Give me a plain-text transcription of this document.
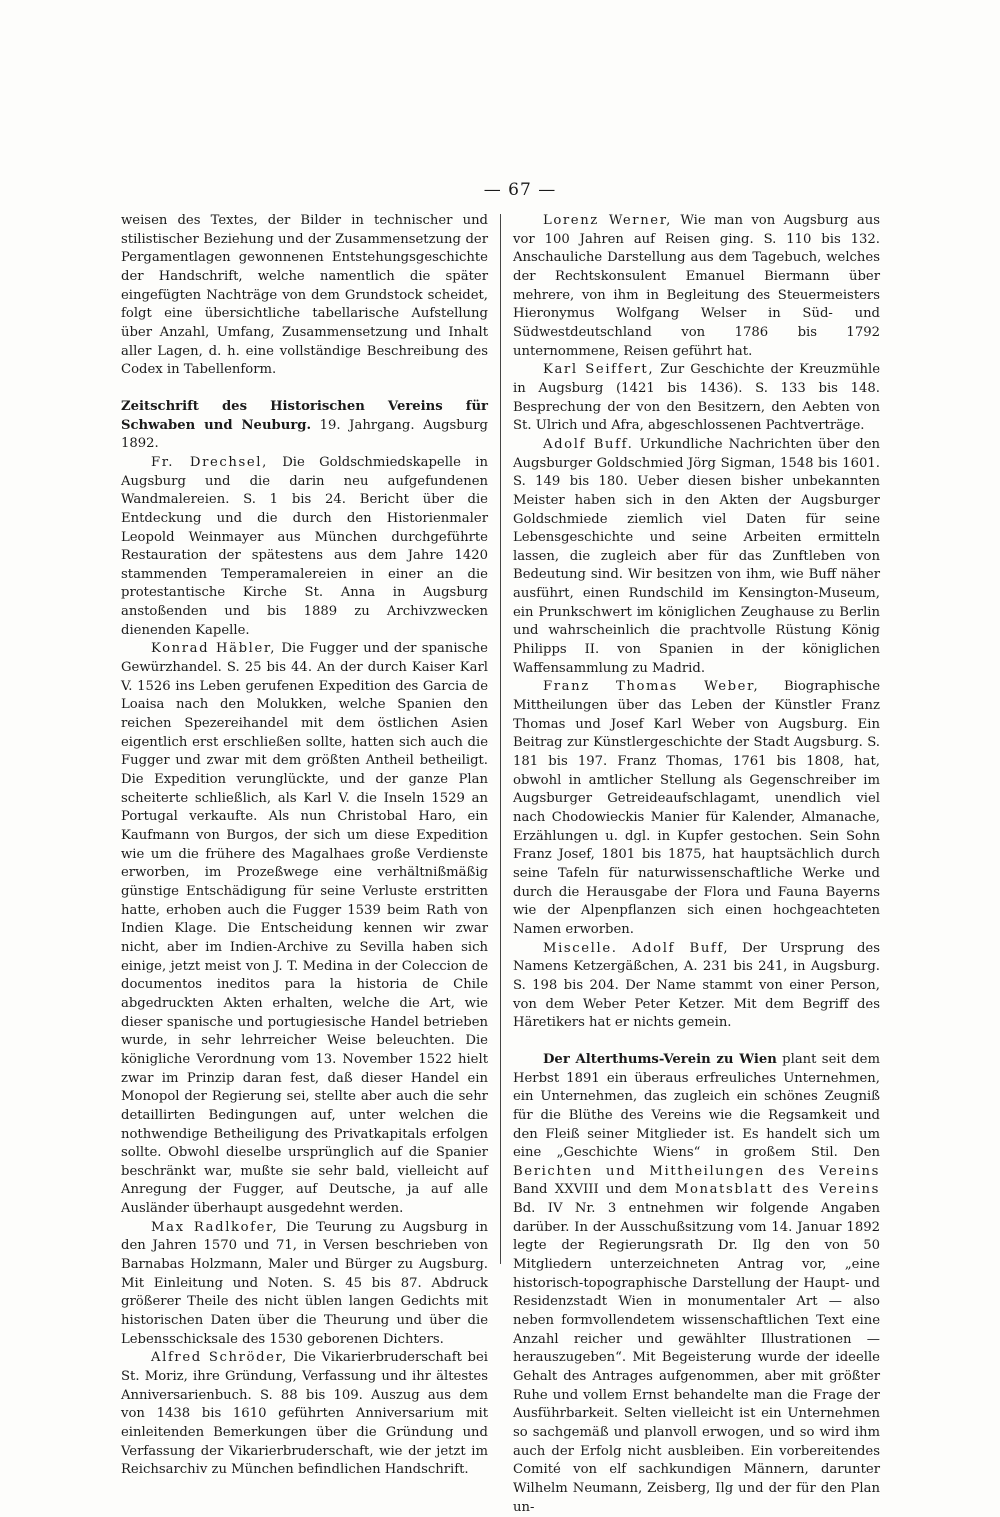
— 67 —

weisen des Textes, der Bilder in technischer und stilistischer Beziehung und der Zusammensetzung der Pergamentlagen gewonnenen Entstehungsgeschichte der Handschrift, welche namentlich die später eingefügten Nachträge von dem Grundstock scheidet, folgt eine übersichtliche tabellarische Aufstellung über Anzahl, Umfang, Zusammensetzung und Inhalt aller Lagen, d. h. eine vollständige Beschreibung des Codex in Tabellenform.

Zeitschrift des Historischen Vereins für Schwaben und Neuburg. 19. Jahrgang. Augsburg 1892.

Fr. Drechsel, Die Goldschmiedskapelle in Augsburg und die darin neu aufgefundenen Wandmalereien. S. 1 bis 24. Bericht über die Entdeckung und die durch den Historienmaler Leopold Weinmayer aus München durchgeführte Restauration der spätestens aus dem Jahre 1420 stammenden Temperamalereien in einer an die protestantische Kirche St. Anna in Augsburg anstoßenden und bis 1889 zu Archivzwecken dienenden Kapelle.

Konrad Häbler, Die Fugger und der spanische Gewürzhandel. S. 25 bis 44. An der durch Kaiser Karl V. 1526 ins Leben gerufenen Expedition des Garcia de Loaisa nach den Molukken, welche Spanien den reichen Spezereihandel mit dem östlichen Asien eigentlich erst erschließen sollte, hatten sich auch die Fugger und zwar mit dem größten Antheil betheiligt. Die Expedition verunglückte, und der ganze Plan scheiterte schließlich, als Karl V. die Inseln 1529 an Portugal verkaufte. Als nun Christobal Haro, ein Kaufmann von Burgos, der sich um diese Expedition wie um die frühere des Magalhaes große Verdienste erworben, im Prozeßwege eine verhältnißmäßig günstige Entschädigung für seine Verluste erstritten hatte, erhoben auch die Fugger 1539 beim Rath von Indien Klage. Die Entscheidung kennen wir zwar nicht, aber im Indien-Archive zu Sevilla haben sich einige, jetzt meist von J. T. Medina in der Coleccion de documentos ineditos para la historia de Chile abgedruckten Akten erhalten, welche die Art, wie dieser spanische und portugiesische Handel betrieben wurde, in sehr lehrreicher Weise beleuchten. Die königliche Verordnung vom 13. November 1522 hielt zwar im Prinzip daran fest, daß dieser Handel ein Monopol der Regierung sei, stellte aber auch die sehr detaillirten Bedingungen auf, unter welchen die nothwendige Betheiligung des Privatkapitals erfolgen sollte. Obwohl dieselbe ursprünglich auf die Spanier beschränkt war, mußte sie sehr bald, vielleicht auf Anregung der Fugger, auf Deutsche, ja auf alle Ausländer überhaupt ausgedehnt werden.

Max Radlkofer, Die Teurung zu Augsburg in den Jahren 1570 und 71, in Versen beschrieben von Barnabas Holzmann, Maler und Bürger zu Augsburg. Mit Einleitung und Noten. S. 45 bis 87. Abdruck größerer Theile des nicht üblen langen Gedichts mit historischen Daten über die Theurung und über die Lebensschicksale des 1530 geborenen Dichters.

Alfred Schröder, Die Vikarierbruderschaft bei St. Moriz, ihre Gründung, Verfassung und ihr ältestes Anniversarienbuch. S. 88 bis 109. Auszug aus dem von 1438 bis 1610 geführten Anniversarium mit einleitenden Bemerkungen über die Gründung und Verfassung der Vikarierbruderschaft, wie der jetzt im Reichsarchiv zu München befindlichen Handschrift.

Lorenz Werner, Wie man von Augsburg aus vor 100 Jahren auf Reisen ging. S. 110 bis 132. Anschauliche Darstellung aus dem Tagebuch, welches der Rechtskonsulent Emanuel Biermann über mehrere, von ihm in Begleitung des Steuermeisters Hieronymus Wolfgang Welser in Süd- und Südwestdeutschland von 1786 bis 1792 unternommene, Reisen geführt hat.

Karl Seiffert, Zur Geschichte der Kreuzmühle in Augsburg (1421 bis 1436). S. 133 bis 148. Besprechung der von den Besitzern, den Aebten von St. Ulrich und Afra, abgeschlossenen Pachtverträge.

Adolf Buff. Urkundliche Nachrichten über den Augsburger Goldschmied Jörg Sigman, 1548 bis 1601. S. 149 bis 180. Ueber diesen bisher unbekannten Meister haben sich in den Akten der Augsburger Goldschmiede ziemlich viel Daten für seine Lebensgeschichte und seine Arbeiten ermitteln lassen, die zugleich aber für das Zunftleben von Bedeutung sind. Wir besitzen von ihm, wie Buff näher ausführt, einen Rundschild im Kensington-Museum, ein Prunkschwert im königlichen Zeughause zu Berlin und wahrscheinlich die prachtvolle Rüstung König Philipps II. von Spanien in der königlichen Waffensammlung zu Madrid.

Franz Thomas Weber, Biographische Mittheilungen über das Leben der Künstler Franz Thomas und Josef Karl Weber von Augsburg. Ein Beitrag zur Künstlergeschichte der Stadt Augsburg. S. 181 bis 197. Franz Thomas, 1761 bis 1808, hat, obwohl in amtlicher Stellung als Gegenschreiber im Augsburger Getreideaufschlagamt, unendlich viel nach Chodowieckis Manier für Kalender, Almanache, Erzählungen u. dgl. in Kupfer gestochen. Sein Sohn Franz Josef, 1801 bis 1875, hat hauptsächlich durch seine Tafeln für naturwissenschaftliche Werke und durch die Herausgabe der Flora und Fauna Bayerns wie der Alpenpflanzen sich einen hochgeachteten Namen erworben.

Miscelle. Adolf Buff, Der Ursprung des Namens Ketzergäßchen, A. 231 bis 241, in Augsburg. S. 198 bis 204. Der Name stammt von einer Person, von dem Weber Peter Ketzer. Mit dem Begriff des Häretikers hat er nichts gemein.

Der Alterthums-Verein zu Wien plant seit dem Herbst 1891 ein überaus erfreuliches Unternehmen, ein Unternehmen, das zugleich ein schönes Zeugniß für die Blüthe des Vereins wie die Regsamkeit und den Fleiß seiner Mitglieder ist. Es handelt sich um eine „Geschichte Wiens“ in großem Stil. Den Berichten und Mittheilungen des Vereins Band XXVIII und dem Monatsblatt des Vereins Bd. IV Nr. 3 entnehmen wir folgende Angaben darüber. In der Ausschußsitzung vom 14. Januar 1892 legte der Regierungsrath Dr. Ilg den von 50 Mitgliedern unterzeichneten Antrag vor, „eine historisch-topographische Darstellung der Haupt- und Residenzstadt Wien in monumentaler Art — also neben formvollendetem wissenschaftlichen Text eine Anzahl reicher und gewählter Illustrationen — herauszugeben“. Mit Begeisterung wurde der ideelle Gehalt des Antrages aufgenommen, aber mit größter Ruhe und vollem Ernst behandelte man die Frage der Ausführbarkeit. Selten vielleicht ist ein Unternehmen so sachgemäß und planvoll erwogen, und so wird ihm auch der Erfolg nicht ausbleiben. Ein vorbereitendes Comité von elf sachkundigen Männern, darunter Wilhelm Neumann, Zeisberg, Ilg und der für den Plan un-
